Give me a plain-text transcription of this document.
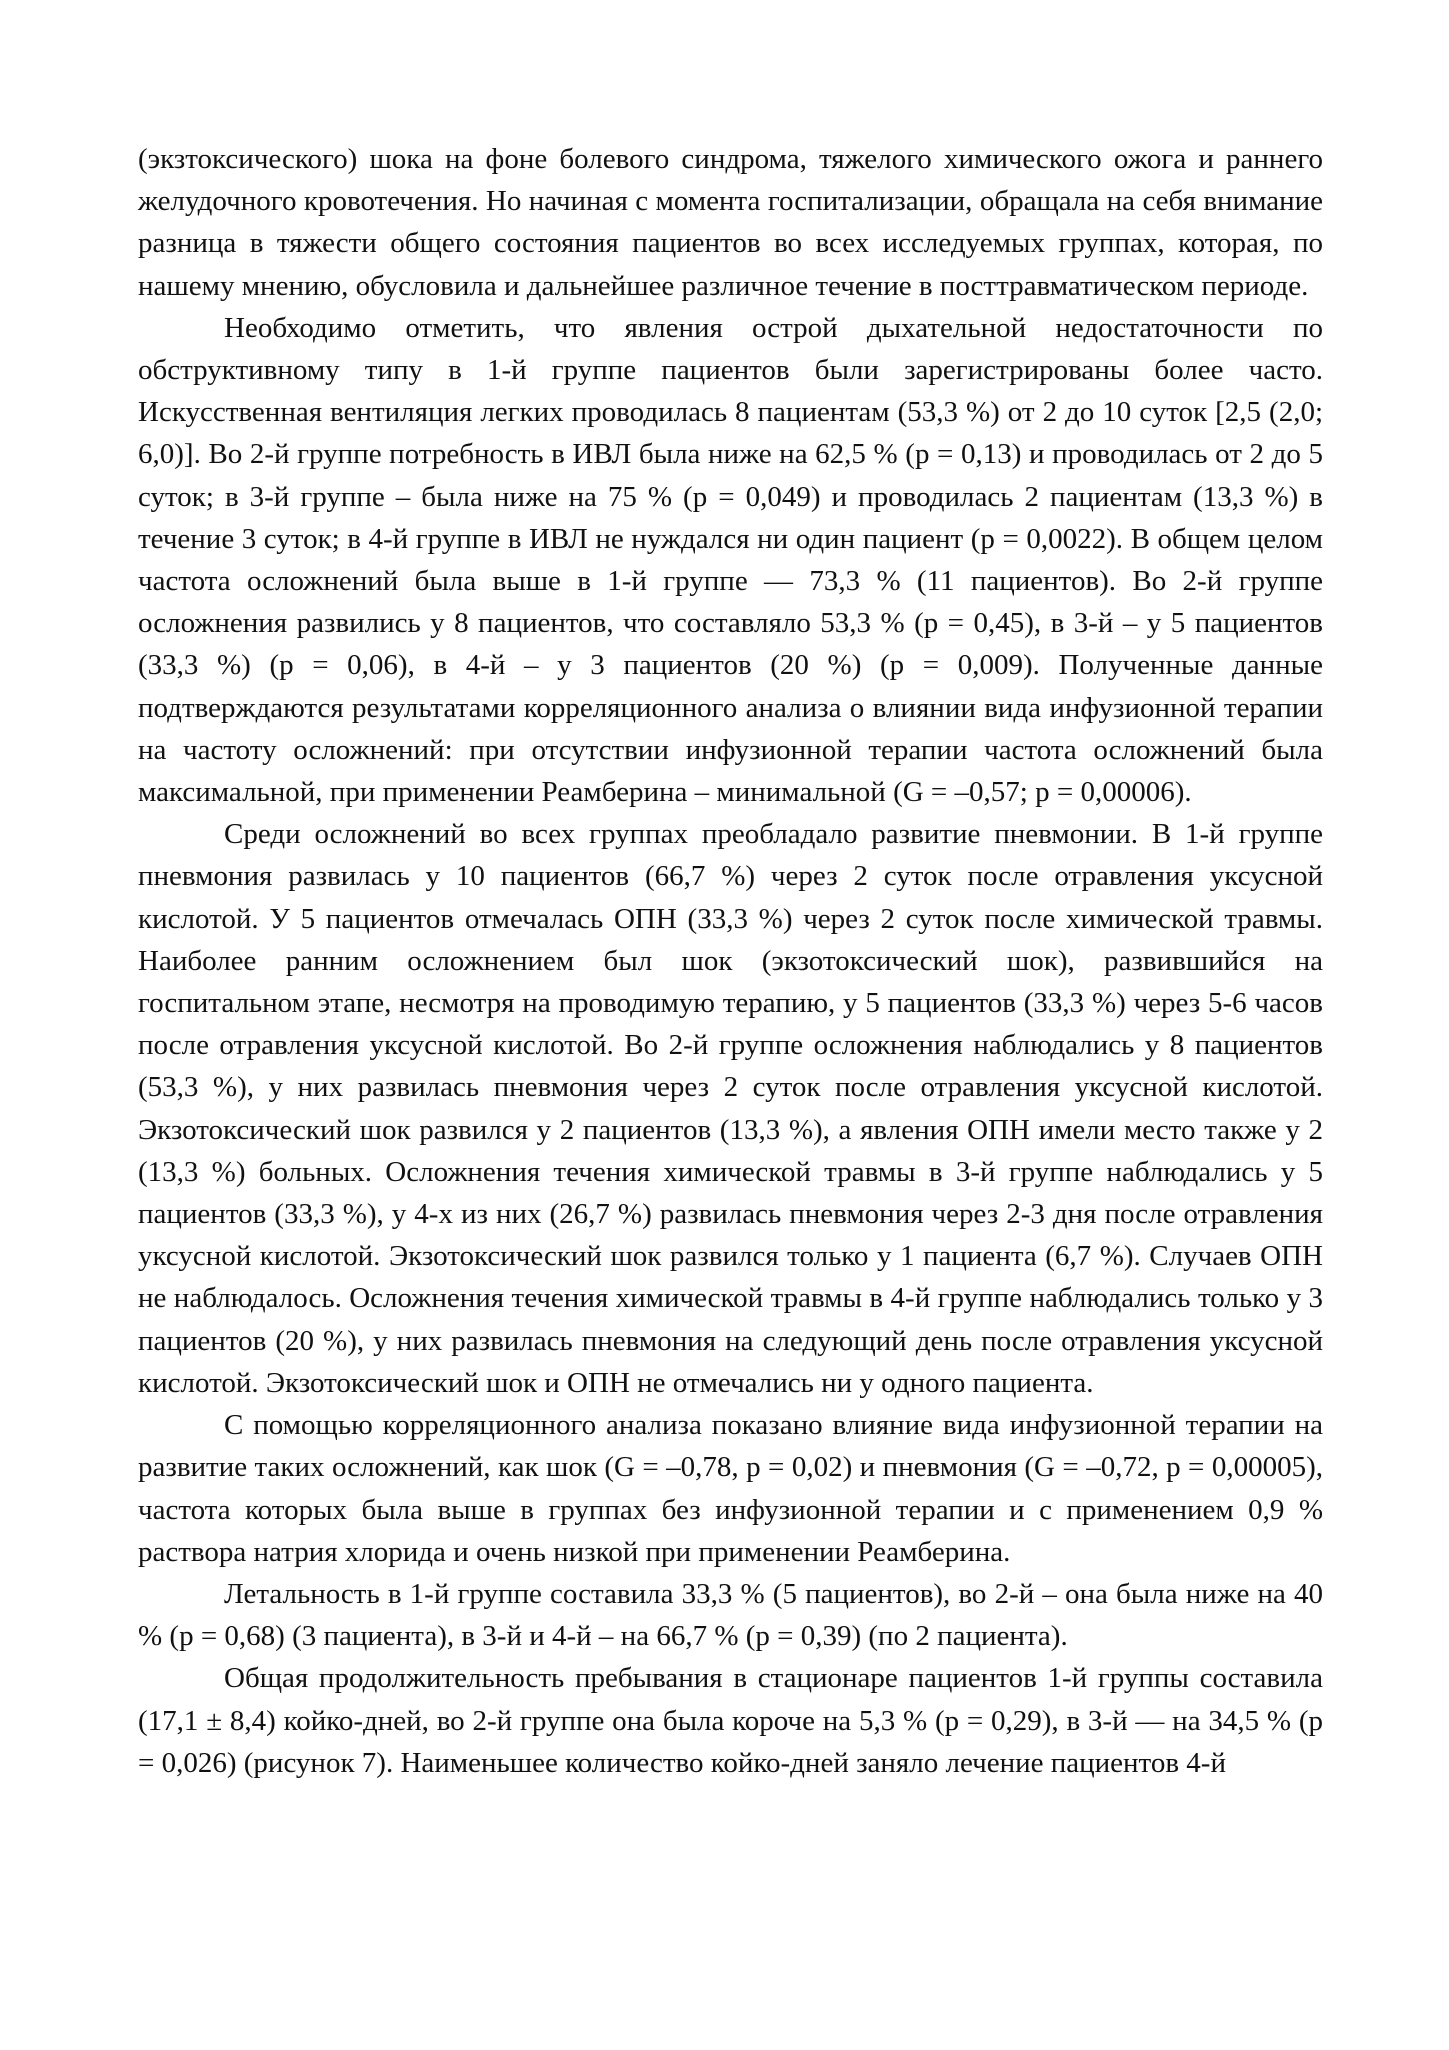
(экзтоксического) шока на фоне болевого синдрома, тяжелого химического ожога и раннего желудочного кровотечения. Но начиная с момента госпитализации, обращала на себя внимание разница в тяжести общего состояния пациентов во всех исследуемых группах, которая, по нашему мнению, обусловила и дальнейшее различное течение в посттравматическом периоде.

Необходимо отметить, что явления острой дыхательной недостаточности по обструктивному типу в 1-й группе пациентов были зарегистрированы более часто. Искусственная вентиляция легких проводилась 8 пациентам (53,3 %) от 2 до 10 суток [2,5 (2,0; 6,0)]. Во 2-й группе потребность в ИВЛ была ниже на 62,5 % (p = 0,13) и проводилась от 2 до 5 суток; в 3-й группе – была ниже на 75 % (p = 0,049) и проводилась 2 пациентам (13,3 %) в течение 3 суток; в 4-й группе в ИВЛ не нуждался ни один пациент (p = 0,0022). В общем целом частота осложнений была выше в 1-й группе — 73,3 % (11 пациентов). Во 2-й группе осложнения развились у 8 пациентов, что составляло 53,3 % (p = 0,45), в 3-й – у 5 пациентов (33,3 %) (p = 0,06), в 4-й – у 3 пациентов (20 %) (p = 0,009). Полученные данные подтверждаются результатами корреляционного анализа о влиянии вида инфузионной терапии на частоту осложнений: при отсутствии инфузионной терапии частота осложнений была максимальной, при применении Реамберина – минимальной (G = –0,57; p = 0,00006).

Среди осложнений во всех группах преобладало развитие пневмонии. В 1-й группе пневмония развилась у 10 пациентов (66,7 %) через 2 суток после отравления уксусной кислотой. У 5 пациентов отмечалась ОПН (33,3 %) через 2 суток после химической травмы. Наиболее ранним осложнением был шок (экзотоксический шок), развившийся на госпитальном этапе, несмотря на проводимую терапию, у 5 пациентов (33,3 %) через 5-6 часов после отравления уксусной кислотой. Во 2-й группе осложнения наблюдались у 8 пациентов (53,3 %), у них развилась пневмония через 2 суток после отравления уксусной кислотой. Экзотоксический шок развился у 2 пациентов (13,3 %), а явления ОПН имели место также у 2 (13,3 %) больных. Осложнения течения химической травмы в 3-й группе наблюдались у 5 пациентов (33,3 %), у 4-х из них (26,7 %) развилась пневмония через 2-3 дня после отравления уксусной кислотой. Экзотоксический шок развился только у 1 пациента (6,7 %). Случаев ОПН не наблюдалось. Осложнения течения химической травмы в 4-й группе наблюдались только у 3 пациентов (20 %), у них развилась пневмония на следующий день после отравления уксусной кислотой. Экзотоксический шок и ОПН не отмечались ни у одного пациента.

С помощью корреляционного анализа показано влияние вида инфузионной терапии на развитие таких осложнений, как шок (G = –0,78, p = 0,02) и пневмония (G = –0,72, p = 0,00005), частота которых была выше в группах без инфузионной терапии и с применением 0,9 % раствора натрия хлорида и очень низкой при применении Реамберина.

Летальность в 1-й группе составила 33,3 % (5 пациентов), во 2-й – она была ниже на 40 % (p = 0,68) (3 пациента), в 3-й и 4-й – на 66,7 % (p = 0,39) (по 2 пациента).

Общая продолжительность пребывания в стационаре пациентов 1-й группы составила (17,1 ± 8,4) койко-дней, во 2-й группе она была короче на 5,3 % (p = 0,29), в 3-й — на 34,5 % (p = 0,026) (рисунок 7). Наименьшее количество койко-дней заняло лечение пациентов 4-й
